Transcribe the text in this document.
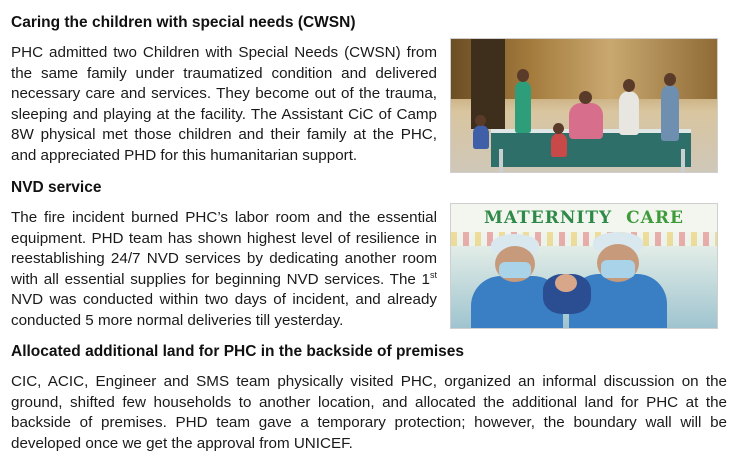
Caring the children with special needs (CWSN)
PHC admitted two Children with Special Needs (CWSN) from the same family under traumatized condition and delivered necessary care and services. They become out of the trauma, sleeping and playing at the facility. The Assistant CiC of Camp 8W physical met those children and their family at the PHC, and appreciated PHD for this humanitarian support.
NVD service
The fire incident burned PHC’s labor room and the essential equipment. PHD team has shown highest level of resilience in reestablishing 24/7 NVD services by dedicating another room with all essential supplies for beginning NVD services. The 1st NVD was conducted within two days of incident, and already conducted 5 more normal deliveries till yesterday.
MATERNITY CARE
Allocated additional land for PHC in the backside of premises
CIC, ACIC, Engineer and SMS team physically visited PHC, organized an informal discussion on the ground, shifted few households to another location, and allocated the additional land for PHC at the backside of premises. PHD team gave a temporary protection; however, the boundary wall will be developed once we get the approval from UNICEF.
